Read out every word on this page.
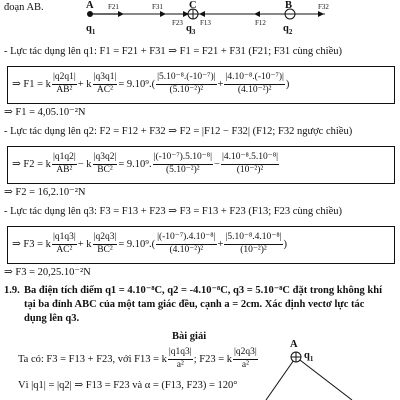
đoạn AB.	A	C	B
F21	F31
F23 F13	F12
F32
$q_1$	$q_3$	$q_2$
- Lực tác dụng lên q1: F1 = F21 + F31 ⇒ F1 = F21 + F31 (F21; F31 cùng chiều)
⇒ F1 = k $\frac{|q2q1|}{\text{AB²}} + k \frac{|q3q1|}{\text{AC²}} = 9.10^9.( \frac{\text{|5.10⁻⁸.(-10⁻⁷)|}}{\text{(5.10⁻²)²}} + \frac{\text{|4.10⁻⁸.(-10⁻⁷)|}}{\text{(4.10⁻²)²}}$ )
⇒ F1 = 4,05.10⁻²N
- Lực tác dụng lên q2: F2 = F12 + F32 ⇒ F2 = |F12 − F32| (F12; F32 ngược chiều)
⇒ F2 = k $\frac{|q1q2|}{\text{AB²}} - k \frac{|q3q2|}{\text{BC²}} = 9.10^9$. $\frac{\text{|(-10⁻⁷).5.10⁻⁸|}}{\text{(5.10⁻²)²}} - \frac{\text{|4.10⁻⁸.5.10⁻⁸|}}{\text{(10⁻²)²}}$
⇒ F2 = 16,2.10⁻²N
- Lực tác dụng lên q3: F3 = F13 + F23 ⇒ F3 = F13 + F23 (F13; F23 cùng chiều)
⇒ F3 = k $\frac{|q1q3|}{\text{AC²}} + k \frac{|q2q3|}{\text{BC²}} = 9.10^9.( \frac{\text{|(-10⁻⁷).4.10⁻⁸|}}{\text{(4.10⁻²)²}} + \frac{\text{|5.10⁻⁸.4.10⁻⁸|}}{\text{(10⁻²)²}}$ )
⇒ F3 = 20,25.10⁻²N
1.9. Ba điện tích điểm q1 = 4.10⁻⁸C, q2 = -4.10⁻⁸C, q3 = 5.10⁻⁸C đặt trong không khí
tại ba đỉnh ABC của một tam giác đều, cạnh a = 2cm. Xác định vectơ lực tác
dụng lên q3.
Bài giải
Ta có: F3 = F13 + F23, với F13 = k $\frac{|q1q3|}{\text{a²}}$ ; F23 = k $\frac{|q2q3|}{\text{a²}}$
Vì |q1| = |q2| ⇒ F13 = F23 và α = (F13, F23) = 120°
A
$q_1$
